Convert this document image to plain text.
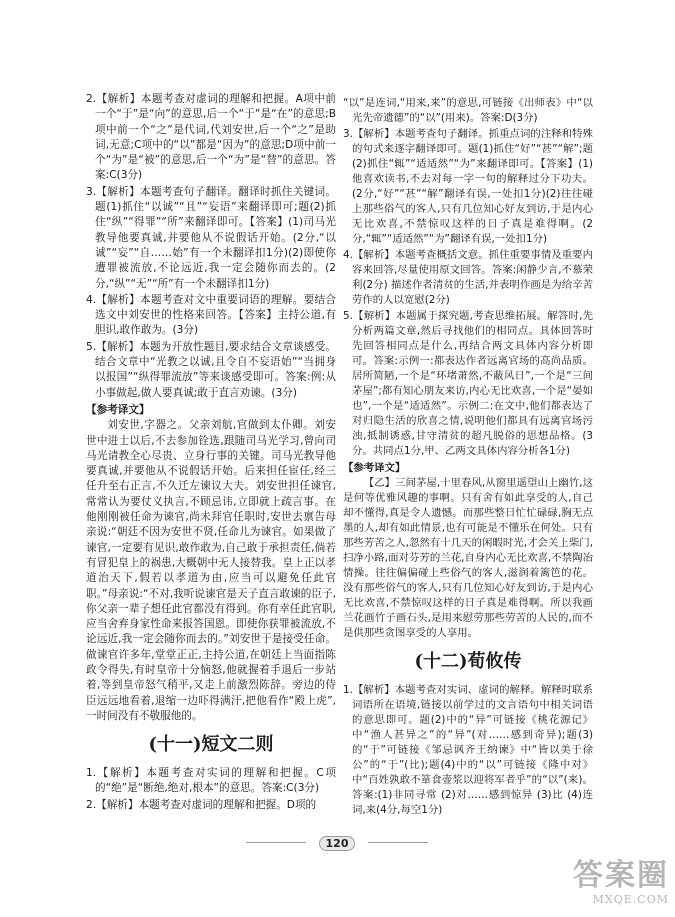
2.【解析】本题考查对虚词的理解和把握。A项中前一个“于”是“向”的意思,后一个“于”是“在”的意思;B项中前一个“之”是代词,代刘安世,后一个“之”是助词,无意;C项中的“以”都是“因为”的意思;D项中前一个“为”是“被”的意思,后一个“为”是“替”的意思。答案:C(3分)

3.【解析】本题考查句子翻译。翻译时抓住关键词。题(1)抓住“以诚”“且”“妄语”来翻译即可;题(2)抓住“纵”“得罪”“所”来翻译即可。【答案】(1)司马光教导他要真诚,并要他从不说假话开始。(2分,“以诚”“妄”“自……始”有一个未翻译扣1分)(2)即使你遭罪被流放,不论远近,我一定会随你而去的。(2分,“纵”“无”“所”有一个未翻译扣1分)

4.【解析】本题考查对文中重要词语的理解。要结合选文中刘安世的性格来回答。【答案】主持公道,有胆识,敢作敢为。(3分)

5.【解析】本题为开放性题目,要求结合文章谈感受。结合文章中“光教之以诚,且令自不妄语始”“当拥身以报国”“纵得罪流放”等来谈感受即可。答案:例:从小事做起,做人要真诚;敢于直言劝谏。(3分)

【参考译文】

刘安世,字器之。父亲刘航,官做到太仆卿。刘安世中进士以后,不去参加铨选,跟随司马光学习,曾向司马光请教全心尽贵、立身行事的关键。司马光教导他要真诚,并要他从不说假话开始。后来担任宦任,经三任升至右正言,不久迁左谏议大夫。刘安世担任谏官,常常认为要仗义执言,不顾忌讳,立即就上疏言事。在他刚刚被任命为谏官,尚未拜官任职时,安世去禀告母亲说:“朝廷不因为安世不贤,任命儿为谏官。如果做了谏官,一定要有见识,敢作敢为,自己敢于承担责任,倘若有冒犯皇上的祸患,大概朝中无人接替我。皇上正以孝道治天下,假若以孝道为由,应当可以避免任此官职。”母亲说:“不对,我听说谏官是天子直言敢谏的臣子,你父亲一辈子想任此官都没有得到。你有幸任此官职,应当舍弃身家性命来报答国恩。即使你获罪被流放,不论远近,我一定会随你而去的。”刘安世于是接受任命。做谏官许多年,堂堂正正,主持公道,在朝廷上当面指陈政令得失,有时皇帝十分恼怒,他就握着手退后一步站着,等到皇帝怒气稍平,又走上前激烈陈辞。旁边的侍臣远远地看着,退缩一边吓得满汗,把他看作“殿上虎”,一时间没有不敬服他的。

(十一)短文二则

1.【解析】本题考查对实词的理解和把握。C项的“绝”是“断绝,绝对,根本”的意思。答案:C(3分)

2.【解析】本题考查对虚词的理解和把握。D项的

“以”是连词,“用来,来”的意思,可链接《出师表》中“以光先帝遗德”的“以”(用来)。答案:D(3分)

3.【解析】本题考查句子翻译。抓重点词的注释和特殊的句式来逐字翻译即可。题(1)抓住“好”“甚”“解”;题(2)抓住“辄”“适适然”“为”来翻译即可。【答案】(1)他喜欢读书,不去对每一字一句的解释过分下功夫。(2分,“好”“甚”“解”翻译有误,一处扣1分)(2)往往碰上那些俗气的客人,只有几位知心好友到访,于是内心无比欢喜,不禁惊叹这样的日子真是难得啊。(2分,“辄”“适适然”“为”翻译有误,一处扣1分)

4.【解析】本题考查概括文意。抓住重要事情及重要内容来回答,尽量使用原文回答。答案:闲静少言,不慕荣利(2分) 描述作者清贫的生活,并表明作画是为给辛苦劳作的人以宽慰(2分)

5.【解析】本题属于探究题,考查思维拓展。解答时,先分析两篇文章,然后寻找他们的相同点。具体回答时先回答相同点是什么,再结合两文具体内容分析即可。答案:示例一:都表达作者远离官场的高尚品质。居所简陋,一个是“环堵萧然,不蔽风日”,一个是“三间茅屋”;都有知心朋友来访,内心无比欢喜,一个是“晏如也”,一个是“适适然”。示例二:在文中,他们都表达了对归隐生活的欣喜之情,说明他们都具有远离官场污浊,抵制诱惑,甘守清贫的超凡脱俗的思想品格。(3分。共同点1分,甲、乙两文具体内容分析各1分)

【参考译文】

【乙】三间茅屋,十里春风,从窗里遥望山上幽竹,这是何等优雅风趣的事啊。只有舍有如此享受的人,自己却不懂得,真是令人遗憾。而那些整日忙忙碌碌,胸无点墨的人,却有如此情景,也有可能是不懂乐在何处。只有那些芳苦之人,忽然有十几天的闲暇时光,才会关上柴门,扫净小路,面对芬芳的兰花,自身内心无比欢喜,不禁陶冶情操。往往偏偏碰上些俗气的客人,滋润着篱笆的花。没有那些俗气的客人,只有几位知心好友到访,于是内心无比欢喜,不禁惊叹这样的日子真是难得啊。所以我画兰花画竹子画石头,是用来慰劳那些劳苦的人民的,而不是供那些贪图享受的人享用。

(十二)荀攸传

1.【解析】本题考查对实词、虚词的解释。解释时联系词语所在语境,链接以前学过的文言语句中相关词语的意思即可。题(2)中的“异”可链接《桃花源记》中“渔人甚异之”的“异”(对……感到奇异);题(3)的“于”可链接《邹忌讽齐王纳谏》中“皆以美于徐公”的“于”(比);题(4)中的“以”可链接《隆中对》中“百姓孰敢不箪食壶浆以迎将军者乎”的“以”(来)。答案:(1)非同寻常 (2)对……感到惊异 (3)比 (4)连词,来(4分,每空1分)

120
答案圈
MXQE.COM
